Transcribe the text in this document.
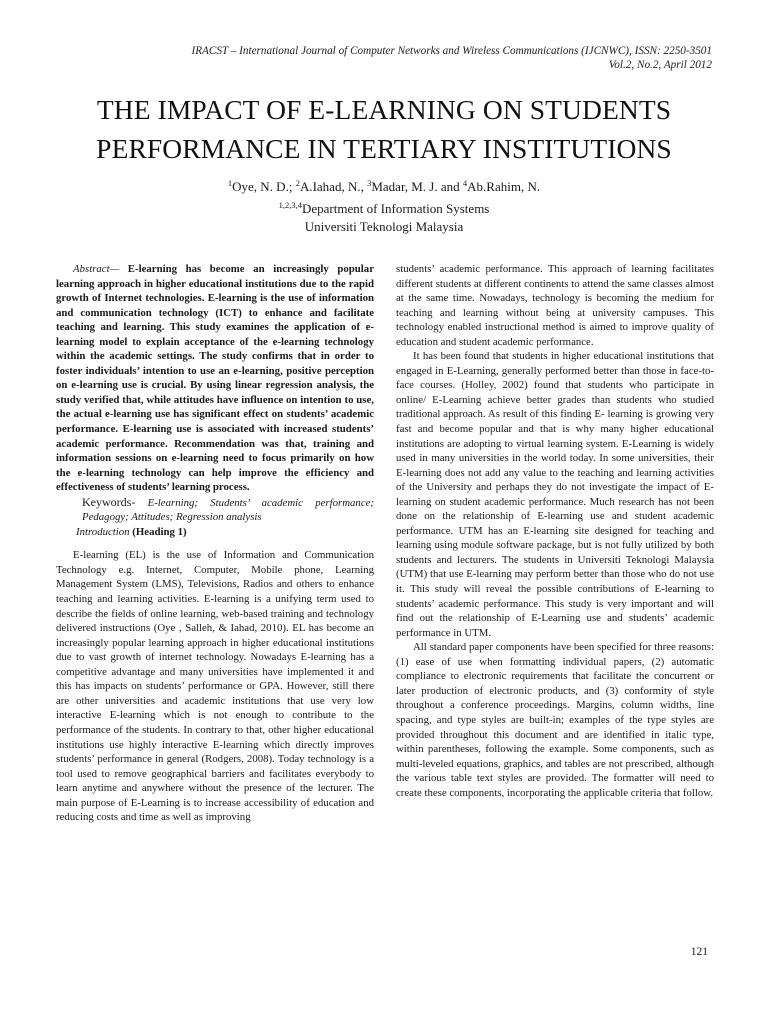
IRACST – International Journal of Computer Networks and Wireless Communications (IJCNWC), ISSN: 2250-3501
Vol.2, No.2, April 2012
THE IMPACT OF E-LEARNING ON STUDENTS
PERFORMANCE IN TERTIARY INSTITUTIONS
$^1$Oye, N. D.; $^2$A.Iahad, N., $^3$Madar, M. J. and $^4$Ab.Rahim, N.
$^{1,2,3,4}$Department of Information Systems
Universiti Teknologi Malaysia

Abstract— E-learning has become an increasingly popular learning approach in higher educational institutions due to the rapid growth of Internet technologies. E-learning is the use of information and communication technology (ICT) to enhance and facilitate teaching and learning. This study examines the application of e-learning model to explain acceptance of the e-learning technology within the academic settings. The study confirms that in order to foster individuals’ intention to use an e-learning, positive perception on e-learning use is crucial. By using linear regression analysis, the study verified that, while attitudes have influence on intention to use, the actual e-learning use has significant effect on students’ academic performance. E-learning use is associated with increased students’ academic performance. Recommendation was that, training and information sessions on e-learning need to focus primarily on how the e-learning technology can help improve the efficiency and effectiveness of students’ learning process.

Keywords- E-learning; Students’ academic performance; Pedagogy; Attitudes; Regression analysis

Introduction (Heading 1)

E-learning (EL) is the use of Information and Communication Technology e.g. Internet, Computer, Mobile phone, Learning Management System (LMS), Televisions, Radios and others to enhance teaching and learning activities. E-learning is a unifying term used to describe the fields of online learning, web-based training and technology delivered instructions (Oye , Salleh, & Iahad, 2010). EL has become an increasingly popular learning approach in higher educational institutions due to vast growth of internet technology. Nowadays E-learning has a competitive advantage and many universities have implemented it and this has impacts on students’ performance or GPA. However, still there are other universities and academic institutions that use very low interactive E-learning which is not enough to contribute to the performance of the students. In contrary to that, other higher educational institutions use highly interactive E-learning which directly improves students’ performance in general (Rodgers, 2008). Today technology is a tool used to remove geographical barriers and facilitates everybody to learn anytime and anywhere without the presence of the lecturer. The main purpose of E-Learning is to increase accessibility of education and reducing costs and time as well as improving

students’ academic performance. This approach of learning facilitates different students at different continents to attend the same classes almost at the same time. Nowadays, technology is becoming the medium for teaching and learning without being at university campuses. This technology enabled instructional method is aimed to improve quality of education and student academic performance.

It has been found that students in higher educational institutions that engaged in E-Learning, generally performed better than those in face-to-face courses. (Holley, 2002) found that students who participate in online/ E-Learning achieve better grades than students who studied traditional approach. As result of this finding E- learning is growing very fast and become popular and that is why many higher educational institutions are adopting to virtual learning system. E-Learning is widely used in many universities in the world today. In some universities, their E-learning does not add any value to the teaching and learning activities of the University and perhaps they do not investigate the impact of E-learning on student academic performance. Much research has not been done on the relationship of E-learning use and student academic performance. UTM has an E-learning site designed for teaching and learning using module software package, but is not fully utilized by both students and lecturers. The students in Universiti Teknologi Malaysia (UTM) that use E-learning may perform better than those who do not use it. This study will reveal the possible contributions of E-learning to students’ academic performance. This study is very important and will find out the relationship of E-Learning use and students’ academic performance in UTM.

All standard paper components have been specified for three reasons: (1) ease of use when formatting individual papers, (2) automatic compliance to electronic requirements that facilitate the concurrent or later production of electronic products, and (3) conformity of style throughout a conference proceedings. Margins, column widths, line spacing, and type styles are built-in; examples of the type styles are provided throughout this document and are identified in italic type, within parentheses, following the example. Some components, such as multi-leveled equations, graphics, and tables are not prescribed, although the various table text styles are provided. The formatter will need to create these components, incorporating the applicable criteria that follow.

121
